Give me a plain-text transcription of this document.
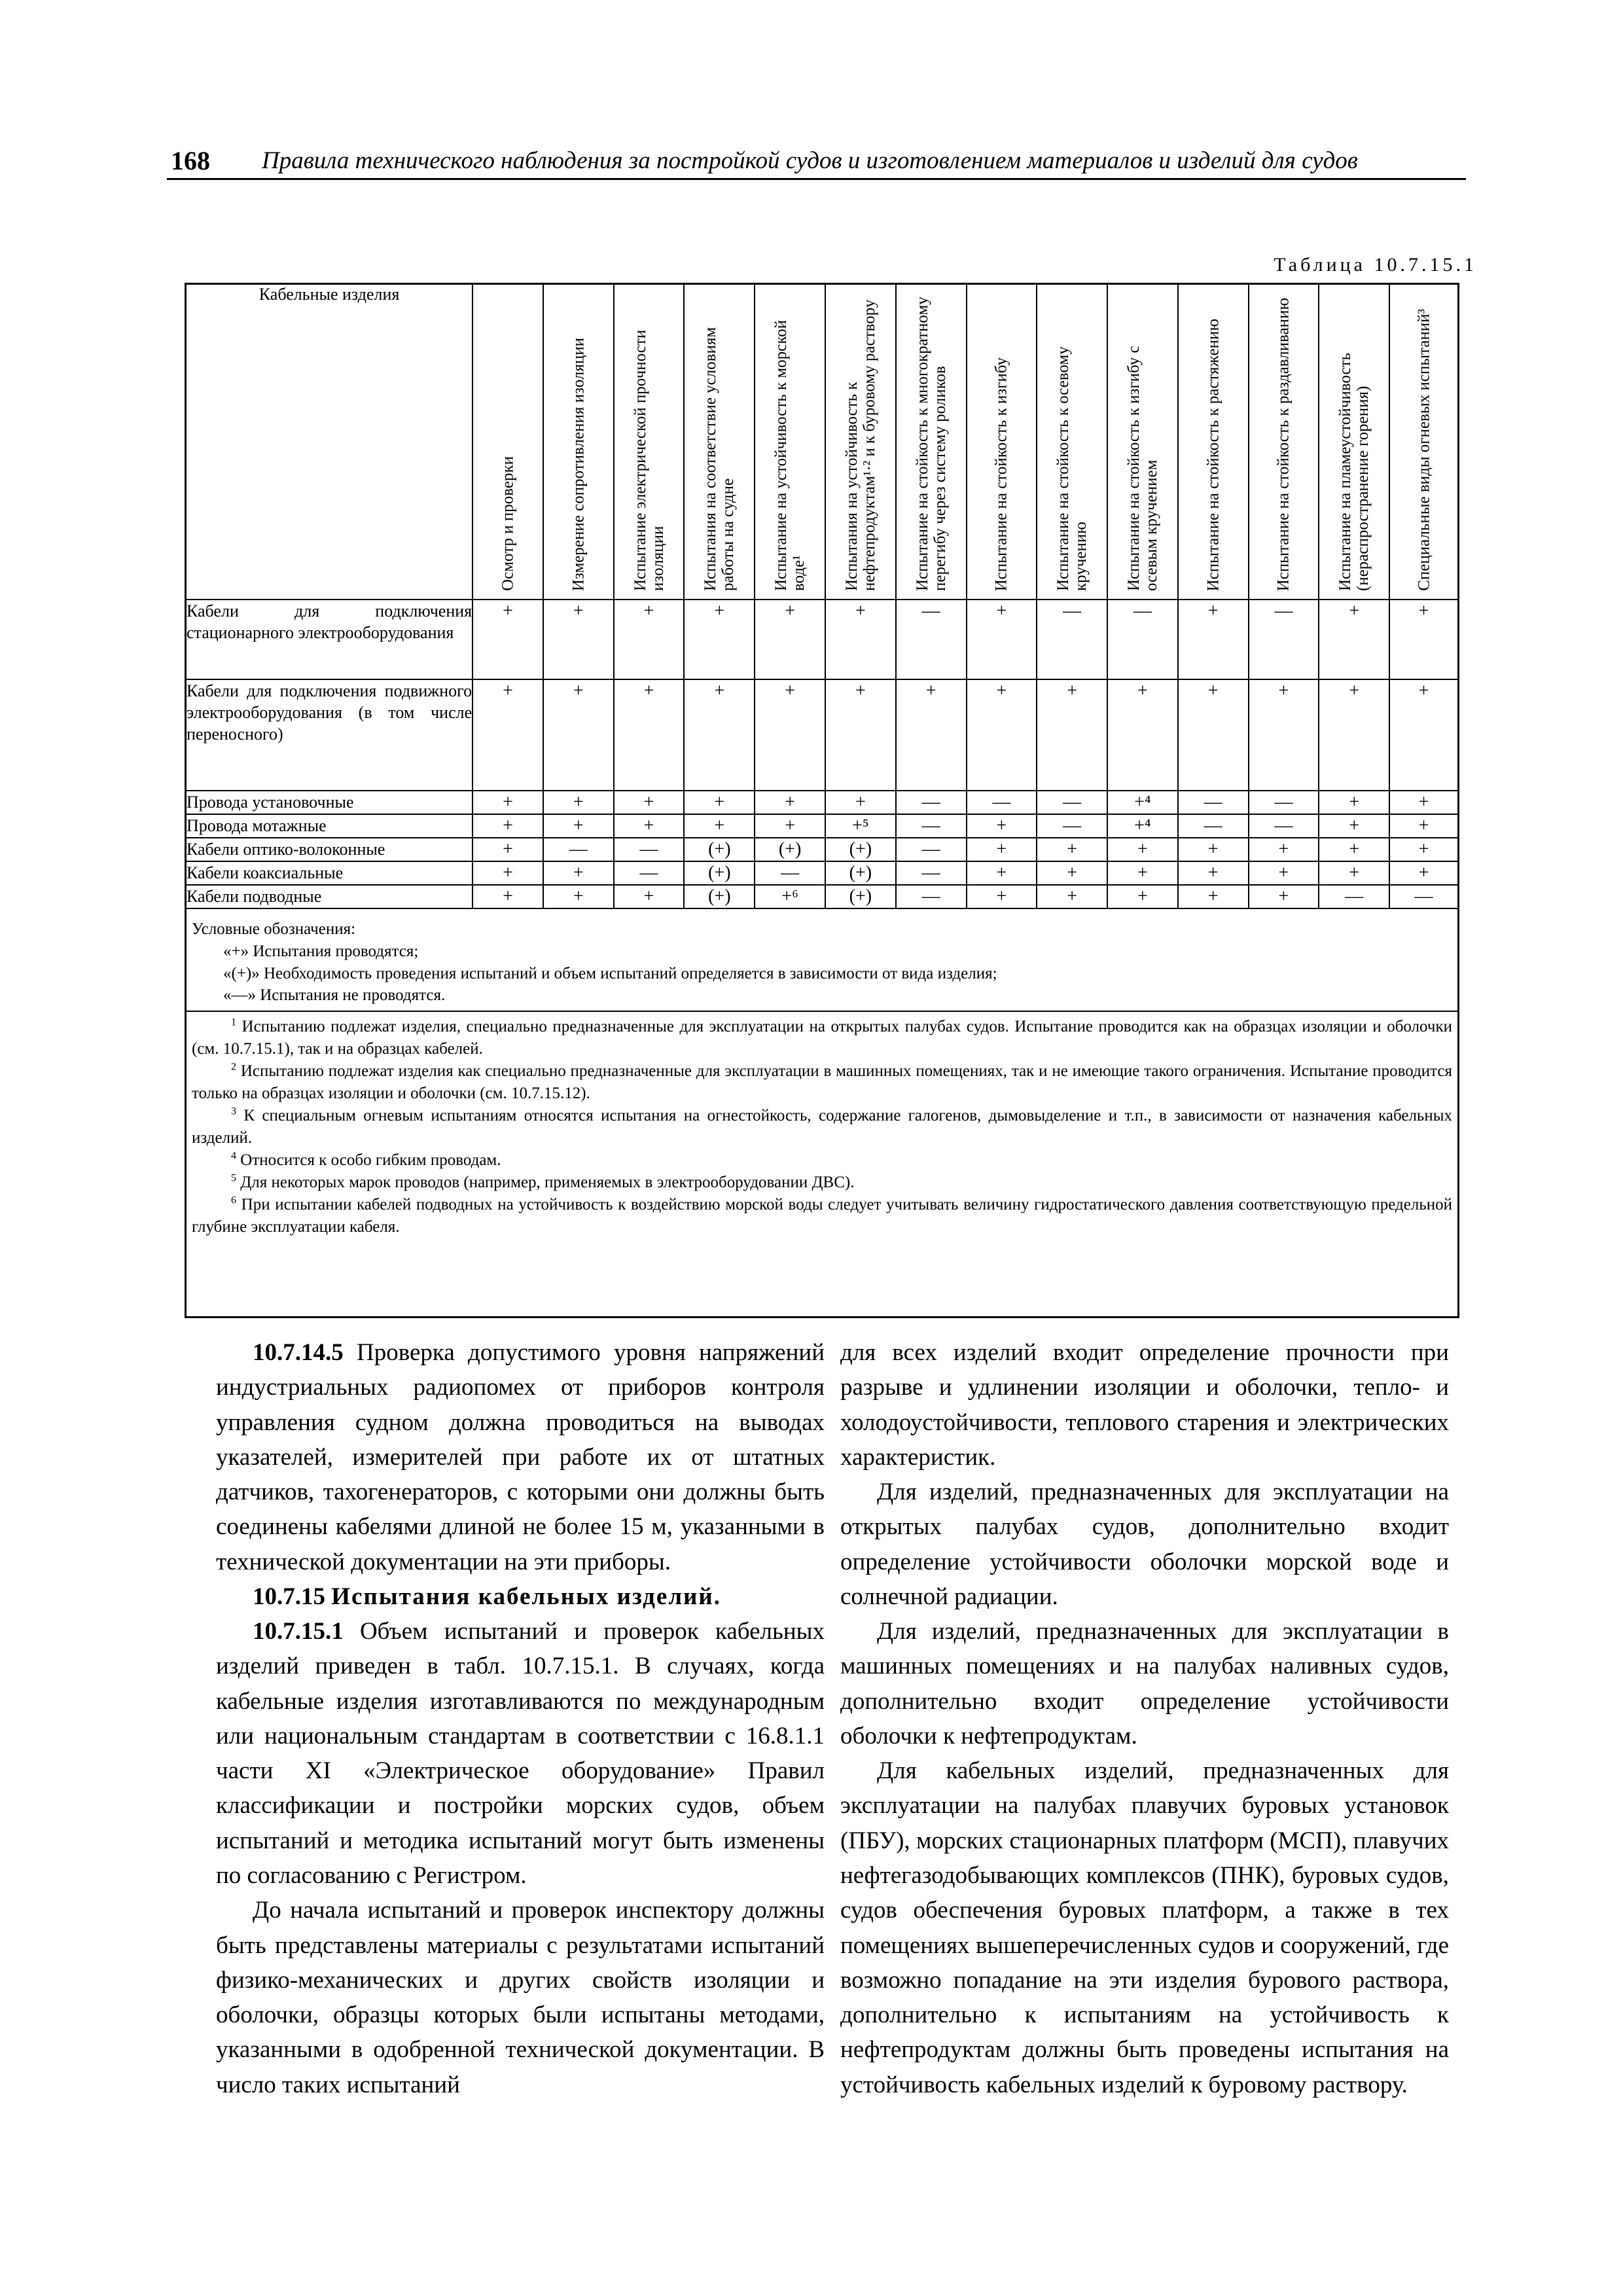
168 Правила технического наблюдения за постройкой судов и изготовлением материалов и изделий для судов
Таблица 10.7.15.1
Кабельные изделия	Осмотр и проверки	Измерение сопротивления изоляции	Испытание электрической прочности изоляции	Испытания на соответствие условиям работы на судне	Испытание на устойчивость к морской воде¹	Испытания на устойчивость к нефтепродуктам¹·² и к буровому раствору	Испытание на стойкость к многократному перегибу через систему роликов	Испытание на стойкость к изгибу	Испытание на стойкость к осевому кручению	Испытание на стойкость к изгибу с осевым кручением	Испытание на стойкость к растяжению	Испытание на стойкость к раздавливанию	Испытание на пламеустойчивость (нераспространение горения)	Специальные виды огневых испытаний³

Кабели для подключения стационарного электрооборудования	+	+	+	+	+	+	—	+	—	—	+	—	+	+
Кабели для подключения подвижного электрооборудования (в том числе переносного)	+	+	+	+	+	+	+	+	+	+	+	+	+	+
Провода установочные	+	+	+	+	+	+	—	—	—	+⁴	—	—	+	+
Провода мотажные	+	+	+	+	+	+⁵	—	+	—	+⁴	—	—	+	+
Кабели оптико-волоконные	+	—	—	(+)	(+)	(+)	—	+	+	+	+	+	+	+
Кабели коаксиальные	+	+	—	(+)	—	(+)	—	+	+	+	+	+	+	+
Кабели подводные	+	+	+	(+)	+⁶	(+)	—	+	+	+	+	+	—	—
Условные обозначения:
«+» Испытания проводятся;
«(+)» Необходимость проведения испытаний и объем испытаний определяется в зависимости от вида изделия;
«—» Испытания не проводятся.

$^1$ Испытанию подлежат изделия, специально предназначенные для эксплуатации на открытых палубах судов. Испытание проводится как на образцах изоляции и оболочки (см. 10.7.15.1), так и на образцах кабелей.

$^2$ Испытанию подлежат изделия как специально предназначенные для эксплуатации в машинных помещениях, так и не имеющие такого ограничения. Испытание проводится только на образцах изоляции и оболочки (см. 10.7.15.12).

$^3$ К специальным огневым испытаниям относятся испытания на огнестойкость, содержание галогенов, дымовыделение и т.п., в зависимости от назначения кабельных изделий.

$^4$ Относится к особо гибким проводам.

$^5$ Для некоторых марок проводов (например, применяемых в электрооборудовании ДВС).

$^6$ При испытании кабелей подводных на устойчивость к воздействию морской воды следует учитывать величину гидростатического давления соответствующую предельной глубине эксплуатации кабеля.

10.7.14.5 Проверка допустимого уровня напряжений индустриальных радиопомех от приборов контроля управления судном должна проводиться на выводах указателей, измерителей при работе их от штатных датчиков, тахогенераторов, с которыми они должны быть соединены кабелями длиной не более 15 м, указанными в технической документации на эти приборы.

10.7.15 Испытания кабельных изделий.

10.7.15.1 Объем испытаний и проверок кабельных изделий приведен в табл. 10.7.15.1. В случаях, когда кабельные изделия изготавливаются по международным или национальным стандартам в соответствии с 16.8.1.1 части XI «Электрическое оборудование» Правил классификации и постройки морских судов, объем испытаний и методика испытаний могут быть изменены по согласованию с Регистром.

До начала испытаний и проверок инспектору должны быть представлены материалы с результатами испытаний физико-механических и других свойств изоляции и оболочки, образцы которых были испытаны методами, указанными в одобренной технической документации. В число таких испытаний

для всех изделий входит определение прочности при разрыве и удлинении изоляции и оболочки, тепло- и холодоустойчивости, теплового старения и электрических характеристик.

Для изделий, предназначенных для эксплуатации на открытых палубах судов, дополнительно входит определение устойчивости оболочки морской воде и солнечной радиации.

Для изделий, предназначенных для эксплуатации в машинных помещениях и на палубах наливных судов, дополнительно входит определение устойчивости оболочки к нефтепродуктам.

Для кабельных изделий, предназначенных для эксплуатации на палубах плавучих буровых установок (ПБУ), морских стационарных платформ (МСП), плавучих нефтегазодобывающих комплексов (ПНК), буровых судов, судов обеспечения буровых платформ, а также в тех помещениях вышеперечисленных судов и сооружений, где возможно попадание на эти изделия бурового раствора, дополнительно к испытаниям на устойчивость к нефтепродуктам должны быть проведены испытания на устойчивость кабельных изделий к буровому раствору.
